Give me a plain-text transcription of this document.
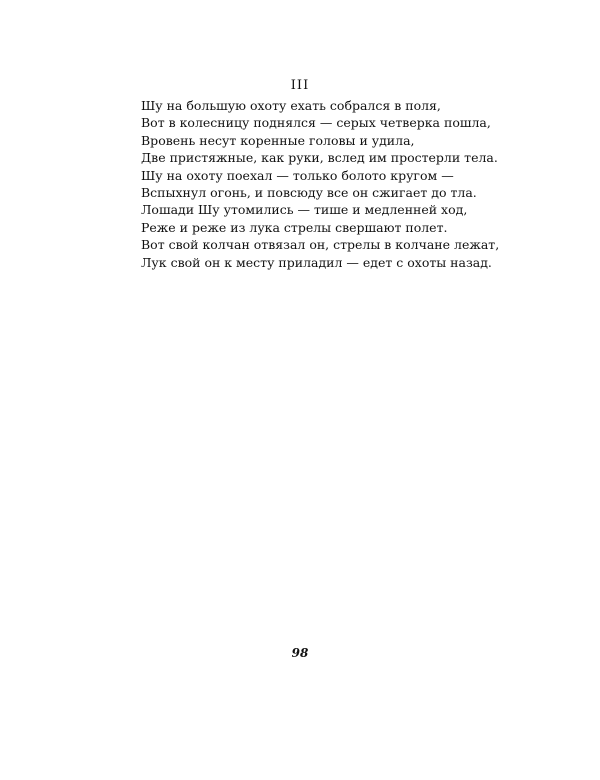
III
Шу на большую охоту ехать собрался в поля,
Вот в колесницу поднялся — серых четверка пошла,
Вровень несут коренные головы и удила,
Две пристяжные, как руки, вслед им простерли тела.
Шу на охоту поехал — только болото кругом —
Вспыхнул огонь, и повсюду все он сжигает до тла.
Лошади Шу утомились — тише и медленней ход,
Реже и реже из лука стрелы свершают полет.
Вот свой колчан отвязал он, стрелы в колчане лежат,
Лук свой он к месту приладил — едет с охоты назад.
98
